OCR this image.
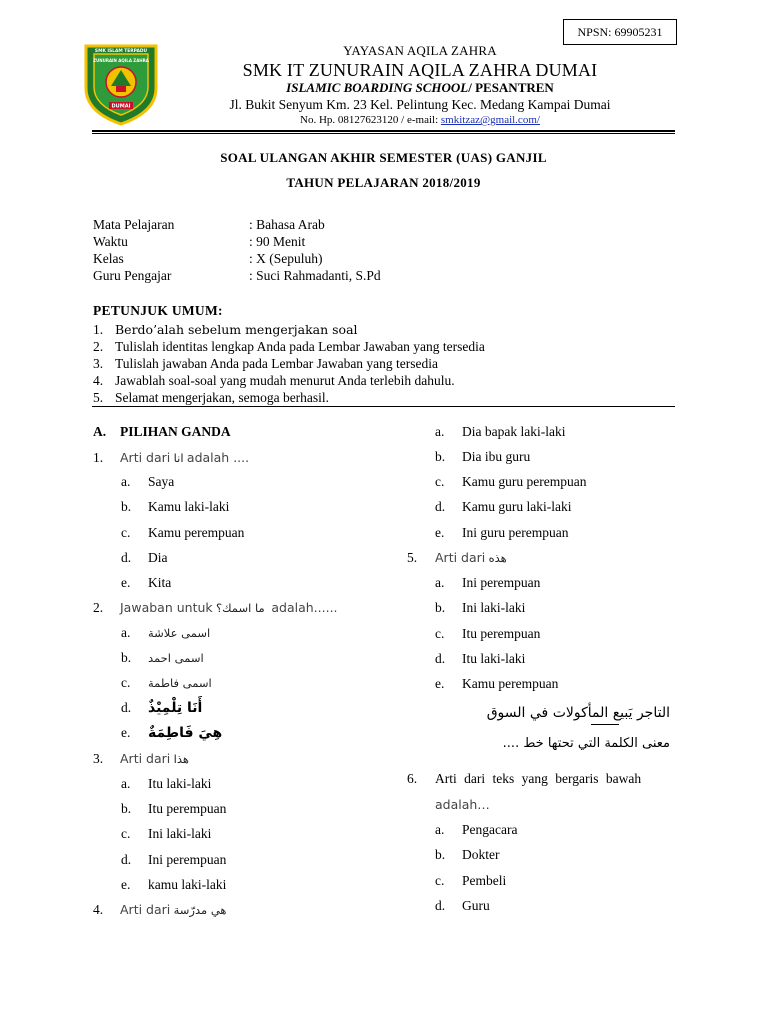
NPSN: 69905231
SMK ISLAM TERPADU
ZUNURAIN AQILA ZAHRA
DUMAI
YAYASAN AQILA ZAHRA
SMK IT ZUNURAIN AQILA ZAHRA DUMAI
ISLAMIC BOARDING SCHOOL/ PESANTREN
Jl. Bukit Senyum Km. 23 Kel. Pelintung Kec. Medang Kampai Dumai
No. Hp. 08127623120 / e-mail: smkitzaz@gmail.com/
SOAL ULANGAN AKHIR SEMESTER (UAS) GANJIL
TAHUN PELAJARAN 2018/2019
Mata Pelajaran	: Bahasa Arab
Waktu	: 90 Menit
Kelas	: X (Sepuluh)
Guru Pengajar	: Suci Rahmadanti, S.Pd
PETUNJUK UMUM:
1. Berdo’alah sebelum mengerjakan soal
2. Tulislah identitas lengkap Anda pada Lembar Jawaban yang tersedia
3. Tulislah jawaban Anda pada Lembar Jawaban yang tersedia
4. Jawablah soal-soal yang mudah menurut Anda terlebih dahulu.
5. Selamat mengerjakan, semoga berhasil.
A. PILIHAN GANDA
1. Arti dari انا adalah ....
a. Saya
b. Kamu laki-laki
c. Kamu perempuan
d. Dia
e. Kita
2. Jawaban untuk ما اسمك؟ adalah......
a. اسمى علاشة
b. اسمى احمد
c. اسمى فاطمة
d. أَنَا تِلْمِيْذٌ
e. هِيَ فَاطِمَةٌ
3. Arti dari هذا
a. Itu laki-laki
b. Itu perempuan
c. Ini laki-laki
d. Ini perempuan
e. kamu laki-laki
4. Arti dari هي مدرّسة
a. Dia bapak laki-laki
b. Dia ibu guru
c. Kamu guru perempuan
d. Kamu guru laki-laki
e. Ini guru perempuan
5. Arti dari هذه
a. Ini perempuan
b. Ini laki-laki
c. Itu perempuan
d. Itu laki-laki
e. Kamu perempuan
التاجر يَبيع المأكولات في السوق
معنى الكلمة التي تحتها خط ....
6. Arti dari teks yang bergaris bawah
adalah…
a. Pengacara
b. Dokter
c. Pembeli
d. Guru
